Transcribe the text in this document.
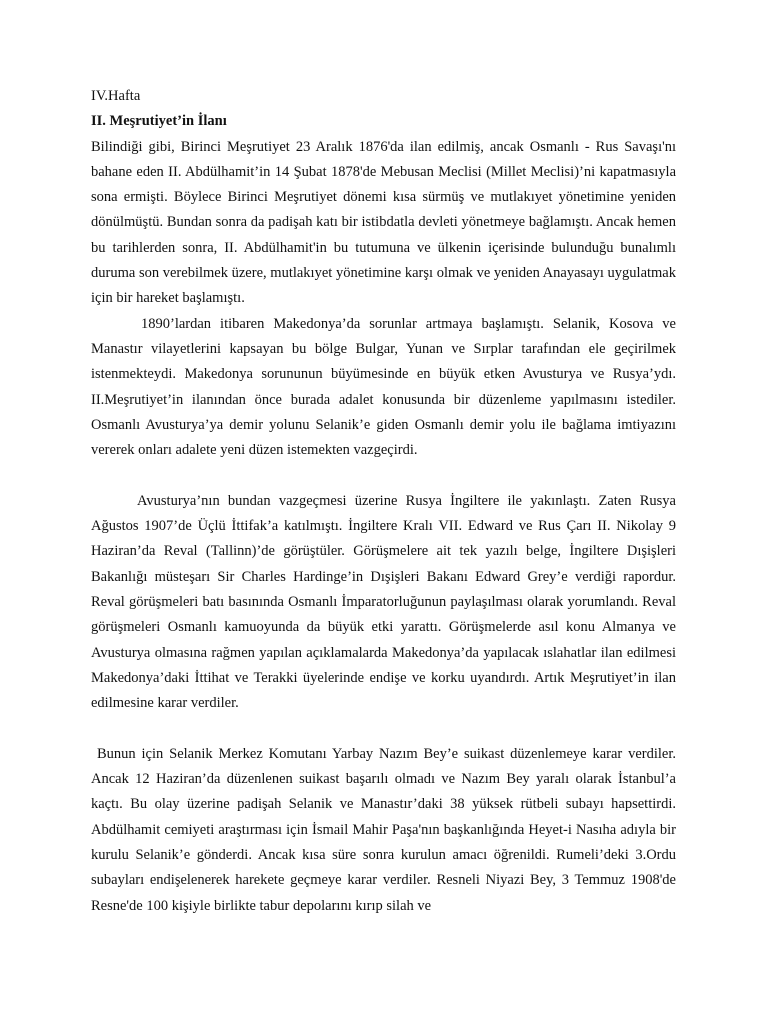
IV.Hafta
II. Meşrutiyet’in İlanı

Bilindiği gibi, Birinci Meşrutiyet 23 Aralık 1876'da ilan edilmiş, ancak Osmanlı - Rus Savaşı'nı bahane eden II. Abdülhamit’in 14 Şubat 1878'de Mebusan Meclisi (Millet Meclisi)’ni kapatmasıyla sona ermişti. Böylece Birinci Meşrutiyet dönemi kısa sürmüş ve mutlakıyet yönetimine yeniden dönülmüştü. Bundan sonra da padişah katı bir istibdatla devleti yönetmeye bağlamıştı. Ancak hemen bu tarihlerden sonra, II. Abdülhamit'in bu tutumuna ve ülkenin içerisinde bulunduğu bunalımlı duruma son verebilmek üzere, mutlakıyet yönetimine karşı olmak ve yeniden Anayasayı uygulatmak için bir hareket başlamıştı.

1890’lardan itibaren Makedonya’da sorunlar artmaya başlamıştı. Selanik, Kosova ve Manastır vilayetlerini kapsayan bu bölge Bulgar, Yunan ve Sırplar tarafından ele geçirilmek istenmekteydi. Makedonya sorununun büyümesinde en büyük etken Avusturya ve Rusya’ydı. II.Meşrutiyet’in ilanından önce burada adalet konusunda bir düzenleme yapılmasını istediler. Osmanlı Avusturya’ya demir yolunu Selanik’e giden Osmanlı demir yolu ile bağlama imtiyazını vererek onları adalete yeni düzen istemekten vazgeçirdi.

Avusturya’nın bundan vazgeçmesi üzerine Rusya İngiltere ile yakınlaştı. Zaten Rusya Ağustos 1907’de Üçlü İttifak’a katılmıştı. İngiltere Kralı VII. Edward ve Rus Çarı II. Nikolay 9 Haziran’da Reval (Tallinn)’de görüştüler. Görüşmelere ait tek yazılı belge, İngiltere Dışişleri Bakanlığı müsteşarı Sir Charles Hardinge’in Dışişleri Bakanı Edward Grey’e verdiği rapordur. Reval görüşmeleri batı basınında Osmanlı İmparatorluğunun paylaşılması olarak yorumlandı. Reval görüşmeleri Osmanlı kamuoyunda da büyük etki yarattı. Görüşmelerde asıl konu Almanya ve Avusturya olmasına rağmen yapılan açıklamalarda Makedonya’da yapılacak ıslahatlar ilan edilmesi Makedonya’daki İttihat ve Terakki üyelerinde endişe ve korku uyandırdı. Artık Meşrutiyet’in ilan edilmesine karar verdiler.

Bunun için Selanik Merkez Komutanı Yarbay Nazım Bey’e suikast düzenlemeye karar verdiler. Ancak 12 Haziran’da düzenlenen suikast başarılı olmadı ve Nazım Bey yaralı olarak İstanbul’a kaçtı. Bu olay üzerine padişah Selanik ve Manastır’daki 38 yüksek rütbeli subayı hapsettirdi. Abdülhamit cemiyeti araştırması için İsmail Mahir Paşa'nın başkanlığında Heyet-i Nasıha adıyla bir kurulu Selanik’e gönderdi. Ancak kısa süre sonra kurulun amacı öğrenildi. Rumeli’deki 3.Ordu subayları endişelenerek harekete geçmeye karar verdiler. Resneli Niyazi Bey, 3 Temmuz 1908'de Resne'de 100 kişiyle birlikte tabur depolarını kırıp silah ve
